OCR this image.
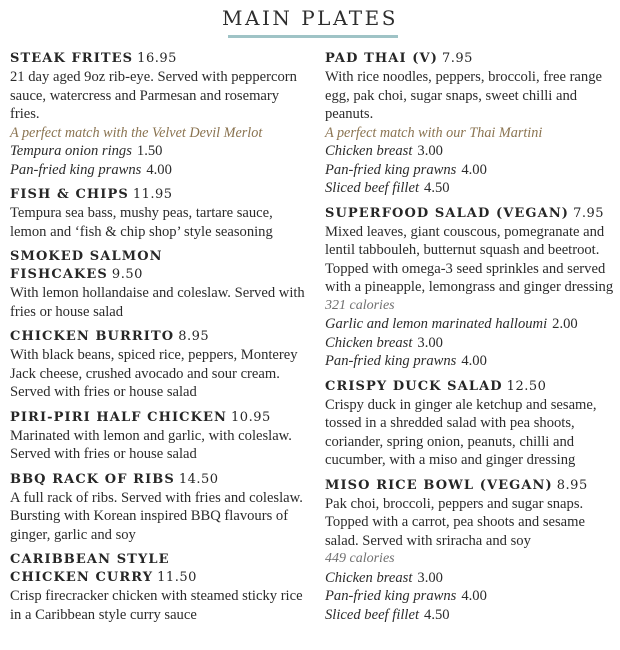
MAIN PLATES
STEAK FRITES 16.95
21 day aged 9oz rib-eye. Served with peppercorn sauce, watercress and Parmesan and rosemary fries.
A perfect match with the Velvet Devil Merlot
Tempura onion rings 1.50
Pan-fried king prawns 4.00
FISH & CHIPS 11.95
Tempura sea bass, mushy peas, tartare sauce, lemon and ‘fish & chip shop’ style seasoning
SMOKED SALMON FISHCAKES 9.50
With lemon hollandaise and coleslaw. Served with fries or house salad
CHICKEN BURRITO 8.95
With black beans, spiced rice, peppers, Monterey Jack cheese, crushed avocado and sour cream. Served with fries or house salad
PIRI-PIRI HALF CHICKEN 10.95
Marinated with lemon and garlic, with coleslaw. Served with fries or house salad
BBQ RACK OF RIBS 14.50
A full rack of ribs. Served with fries and coleslaw. Bursting with Korean inspired BBQ flavours of ginger, garlic and soy
CARIBBEAN STYLE CHICKEN CURRY 11.50
Crisp firecracker chicken with steamed sticky rice in a Caribbean style curry sauce
PAD THAI (V) 7.95
With rice noodles, peppers, broccoli, free range egg, pak choi, sugar snaps, sweet chilli and peanuts.
A perfect match with our Thai Martini
Chicken breast 3.00
Pan-fried king prawns 4.00
Sliced beef fillet 4.50
SUPERFOOD SALAD (VEGAN) 7.95
Mixed leaves, giant couscous, pomegranate and lentil tabbouleh, butternut squash and beetroot. Topped with omega-3 seed sprinkles and served with a pineapple, lemongrass and ginger dressing
321 calories
Garlic and lemon marinated halloumi 2.00
Chicken breast 3.00
Pan-fried king prawns 4.00
CRISPY DUCK SALAD 12.50
Crispy duck in ginger ale ketchup and sesame, tossed in a shredded salad with pea shoots, coriander, spring onion, peanuts, chilli and cucumber, with a miso and ginger dressing
MISO RICE BOWL (VEGAN) 8.95
Pak choi, broccoli, peppers and sugar snaps. Topped with a carrot, pea shoots and sesame salad. Served with sriracha and soy
449 calories
Chicken breast 3.00
Pan-fried king prawns 4.00
Sliced beef fillet 4.50
